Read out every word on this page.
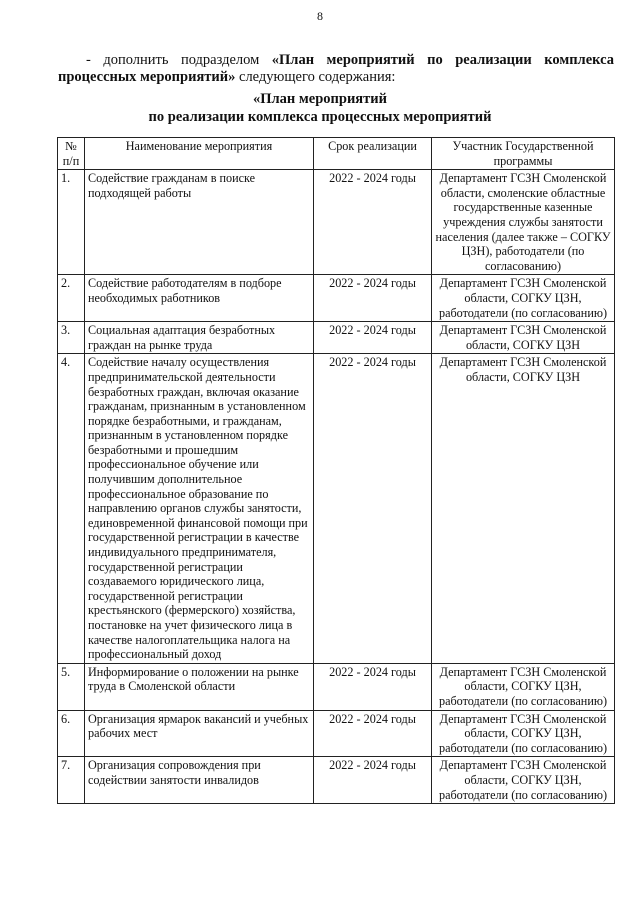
8
- дополнить подразделом «План мероприятий по реализации комплекса процессных мероприятий» следующего содержания:
«План мероприятий
по реализации комплекса процессных мероприятий
№ п/п	Наименование мероприятия	Срок реализации	Участник Государственной программы
1.	Содействие гражданам в поиске подходящей работы	2022 - 2024 годы	Департамент ГСЗН Смоленской области, смоленские областные государственные казенные учреждения службы занятости населения (далее также – СОГКУ ЦЗН), работодатели (по согласованию)
2.	Содействие работодателям в подборе необходимых работников	2022 - 2024 годы	Департамент ГСЗН Смоленской области, СОГКУ ЦЗН, работодатели (по согласованию)
3.	Социальная адаптация безработных граждан на рынке труда	2022 - 2024 годы	Департамент ГСЗН Смоленской области, СОГКУ ЦЗН
4.	Содействие началу осуществления предпринимательской деятельности безработных граждан, включая оказание гражданам, признанным в установленном порядке безработными, и гражданам, признанным в установленном порядке безработными и прошедшим профессиональное обучение или получившим дополнительное профессиональное образование по направлению органов службы занятости, единовременной финансовой помощи при государственной регистрации в качестве индивидуального предпринимателя, государственной регистрации создаваемого юридического лица, государственной регистрации крестьянского (фермерского) хозяйства, постановке на учет физического лица в качестве налогоплательщика налога на профессиональный доход	2022 - 2024 годы	Департамент ГСЗН Смоленской области, СОГКУ ЦЗН
5.	Информирование о положении на рынке труда в Смоленской области	2022 - 2024 годы	Департамент ГСЗН Смоленской области, СОГКУ ЦЗН, работодатели (по согласованию)
6.	Организация ярмарок вакансий и учебных рабочих мест	2022 - 2024 годы	Департамент ГСЗН Смоленской области, СОГКУ ЦЗН, работодатели (по согласованию)
7.	Организация сопровождения при содействии занятости инвалидов	2022 - 2024 годы	Департамент ГСЗН Смоленской области, СОГКУ ЦЗН, работодатели (по согласованию)
